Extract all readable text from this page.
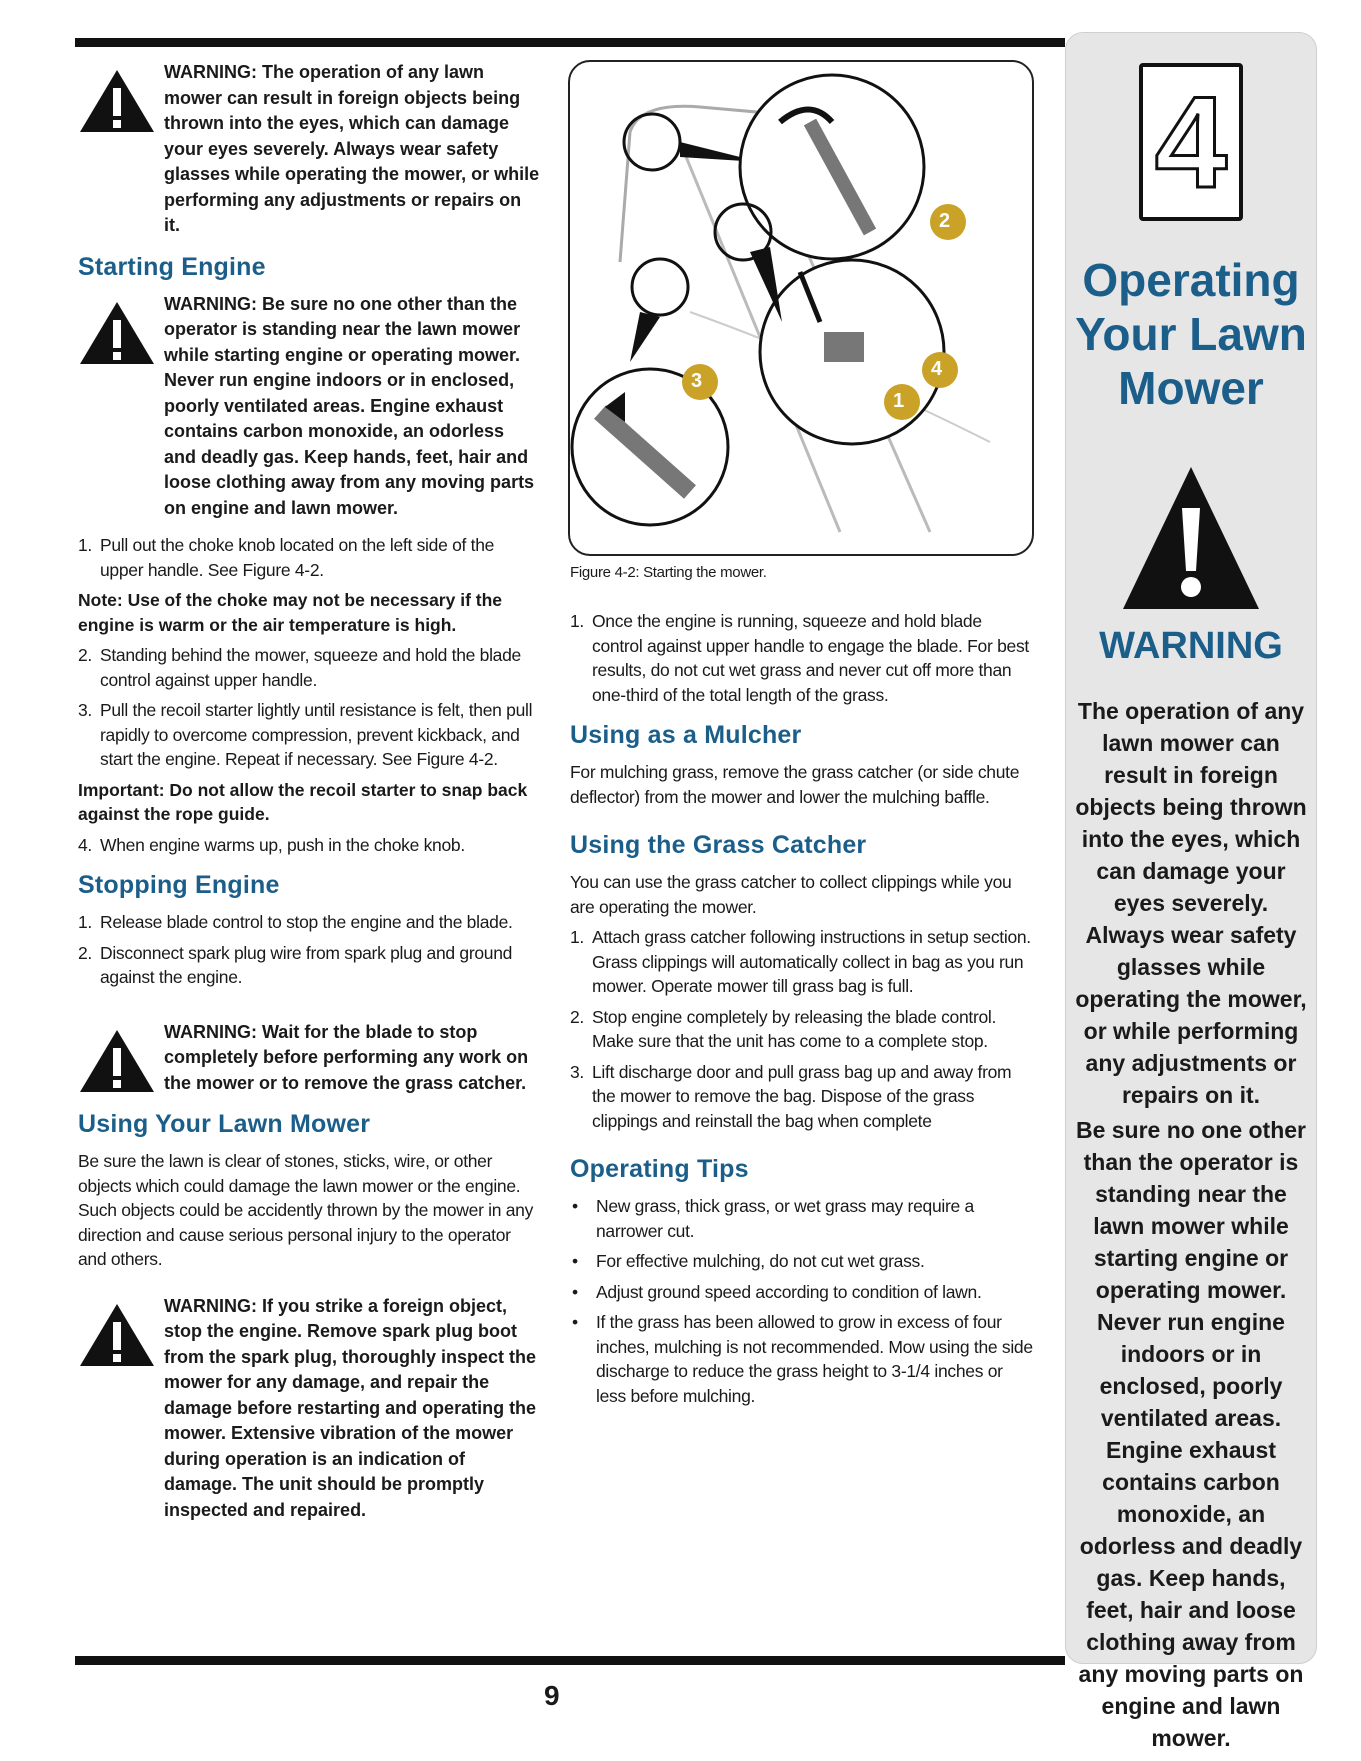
WARNING: The operation of any lawn mower can result in foreign objects being thrown into the eyes, which can damage your eyes severely. Always wear safety glasses while operating the mower, or while performing any adjustments or repairs on it.
Starting Engine
WARNING: Be sure no one other than the operator is standing near the lawn mower while starting engine or operating mower. Never run engine indoors or in enclosed, poorly ventilated areas. Engine exhaust contains carbon monoxide, an odorless and deadly gas. Keep hands, feet, hair and loose clothing away from any moving parts on engine and lawn mower.
1. Pull out the choke knob located on the left side of the upper handle. See Figure 4-2.
Note: Use of the choke may not be necessary if the engine is warm or the air temperature is high.
2. Standing behind the mower, squeeze and hold the blade control against upper handle.
3. Pull the recoil starter lightly until resistance is felt, then pull rapidly to overcome compression, prevent kickback, and start the engine. Repeat if necessary. See Figure 4-2.
Important: Do not allow the recoil starter to snap back against the rope guide.
4. When engine warms up, push in the choke knob.
Stopping Engine
1. Release blade control to stop the engine and the blade.
2. Disconnect spark plug wire from spark plug and ground against the engine.
WARNING: Wait for the blade to stop completely before performing any work on the mower or to remove the grass catcher.
Using Your Lawn Mower
Be sure the lawn is clear of stones, sticks, wire, or other objects which could damage the lawn mower or the engine. Such objects could be accidently thrown by the mower in any direction and cause serious personal injury to the operator and others.
WARNING: If you strike a foreign object, stop the engine. Remove spark plug boot from the spark plug, thoroughly inspect the mower for any damage, and repair the damage before restarting and operating the mower. Extensive vibration of the mower during operation is an indication of damage. The unit should be promptly inspected and repaired.
2
1
3
4
Figure 4-2: Starting the mower.
1. Once the engine is running, squeeze and hold blade control against upper handle to engage the blade. For best results, do not cut wet grass and never cut off more than one-third of the total length of the grass.
Using as a Mulcher
For mulching grass, remove the grass catcher (or side chute deflector) from the mower and lower the mulching baffle.
Using the Grass Catcher
You can use the grass catcher to collect clippings while you are operating the mower.
1. Attach grass catcher following instructions in setup section. Grass clippings will automatically collect in bag as you run mower. Operate mower till grass bag is full.
2. Stop engine completely by releasing the blade control. Make sure that the unit has come to a complete stop.
3. Lift discharge door and pull grass bag up and away from the mower to remove the bag. Dispose of the grass clippings and reinstall the bag when complete
Operating Tips
• New grass, thick grass, or wet grass may require a narrower cut.
• For effective mulching, do not cut wet grass.
• Adjust ground speed according to condition of lawn.
• If the grass has been allowed to grow in excess of four inches, mulching is not recommended. Mow using the side discharge to reduce the grass height to 3-1/4 inches or less before mulching.
4
Operating Your Lawn Mower
WARNING
The operation of any lawn mower can result in foreign objects being thrown into the eyes, which can damage your eyes severely. Always wear safety glasses while operating the mower, or while performing any adjustments or repairs on it.
Be sure no one other than the operator is standing near the lawn mower while starting engine or operating mower. Never run engine indoors or in enclosed, poorly ventilated areas. Engine exhaust contains carbon monoxide, an odorless and deadly gas. Keep hands, feet, hair and loose clothing away from any moving parts on engine and lawn mower.
9
